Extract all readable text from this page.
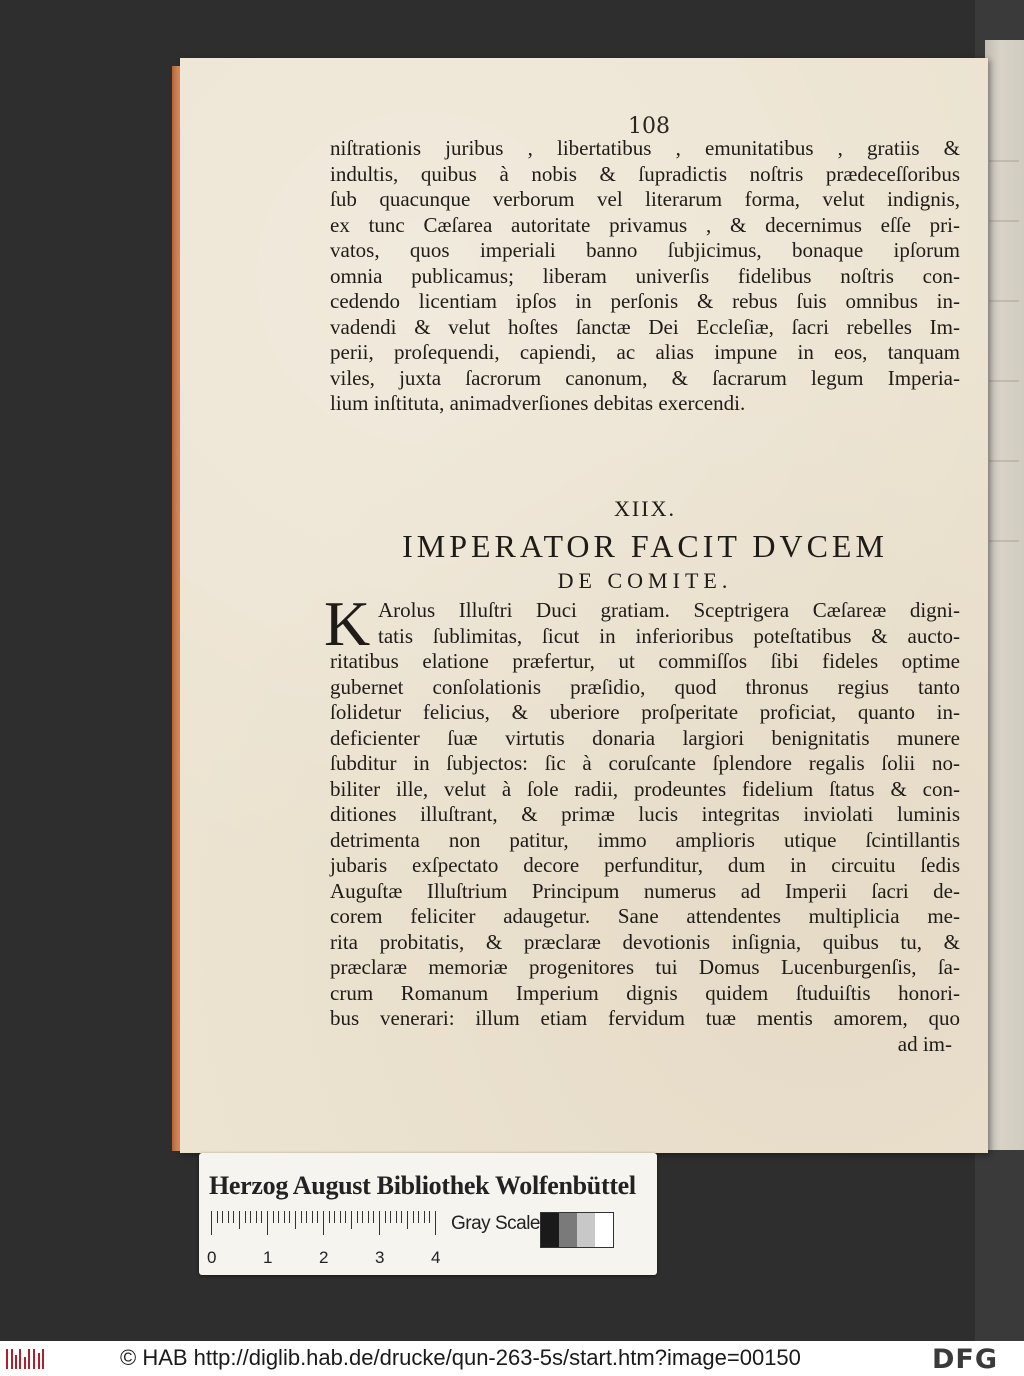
108
niſtrationis juribus , libertatibus , emunitatibus , gratiis &
indultis, quibus à nobis & ſupradictis noſtris prædeceſſoribus
ſub quacunque verborum vel literarum forma, velut indignis,
ex tunc Cæſarea autoritate privamus , & decernimus eſſe pri-
vatos, quos imperiali banno ſubjicimus, bonaque ipſorum
omnia publicamus; liberam univerſis fidelibus noſtris con-
cedendo licentiam ipſos in perſonis & rebus ſuis omnibus in-
vadendi & velut hoſtes ſanctæ Dei Eccleſiæ, ſacri rebelles Im-
perii, proſequendi, capiendi, ac alias impune in eos, tanquam
viles, juxta ſacrorum canonum, & ſacrarum legum Imperia-
lium inſtituta, animadverſiones debitas exercendi.
XIIX.
IMPERATOR FACIT DVCEM
DE COMITE.
K Arolus Illuſtri Duci gratiam. Sceptrigera Cæſareæ digni-
tatis ſublimitas, ſicut in inferioribus poteſtatibus & aucto-
ritatibus elatione præfertur, ut commiſſos ſibi fideles optime
gubernet conſolationis præſidio, quod thronus regius tanto
ſolidetur felicius, & uberiore proſperitate proficiat, quanto in-
deficienter ſuæ virtutis donaria largiori benignitatis munere
ſubditur in ſubjectos: ſic à coruſcante ſplendore regalis ſolii no-
biliter ille, velut à ſole radii, prodeuntes fidelium ſtatus & con-
ditiones illuſtrant, & primæ lucis integritas inviolati luminis
detrimenta non patitur, immo amplioris utique ſcintillantis
jubaris exſpectato decore perfunditur, dum in circuitu ſedis
Auguſtæ Illuſtrium Principum numerus ad Imperii ſacri de-
corem feliciter adaugetur. Sane attendentes multiplicia me-
rita probitatis, & præclaræ devotionis inſignia, quibus tu, &
præclaræ memoriæ progenitores tui Domus Lucenburgenſis, ſa-
crum Romanum Imperium dignis quidem ſtuduiſtis honori-
bus venerari: illum etiam fervidum tuæ mentis amorem, quo
ad im-
Herzog August Bibliothek Wolfenbüttel
0	1	2	3	4
Gray Scale
© HAB http://diglib.hab.de/drucke/qun-263-5s/start.htm?image=00150	DFG
